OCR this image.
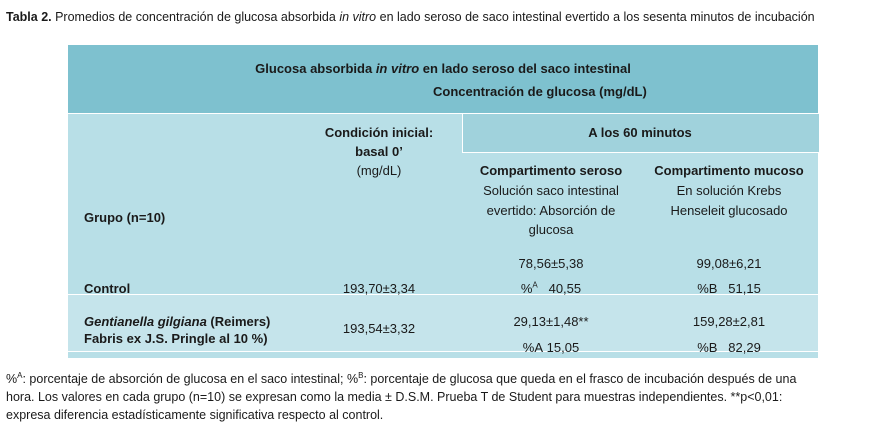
Tabla 2. Promedios de concentración de glucosa absorbida in vitro en lado seroso de saco intestinal evertido a los sesenta minutos de incubación
Glucosa absorbida in vitro en lado seroso del saco intestinal
Concentración de glucosa (mg/dL)
Condición inicial:
basal 0’
(mg/dL)
A los 60 minutos
Compartimento seroso
Solución saco intestinal
evertido: Absorción de
glucosa
Compartimento mucoso
En solución Krebs
Henseleit glucosado
Grupo (n=10)
Control	193,70±3,34
78,56±5,38
%$^A$ 40,55
99,08±6,21
%B 51,15
Gentianella gilgiana (Reimers)
Fabris ex J.S. Pringle al 10 %)
193,54±3,32	29,13±1,48**
%A 15,05
159,28±2,81
%B 82,29
%$^A$: porcentaje de absorción de glucosa en el saco intestinal; %$^B$: porcentaje de glucosa que queda en el frasco de incubación después de una
hora. Los valores en cada grupo (n=10) se expresan como la media ± D.S.M. Prueba T de Student para muestras independientes. **p<0,01:
expresa diferencia estadísticamente significativa respecto al control.
